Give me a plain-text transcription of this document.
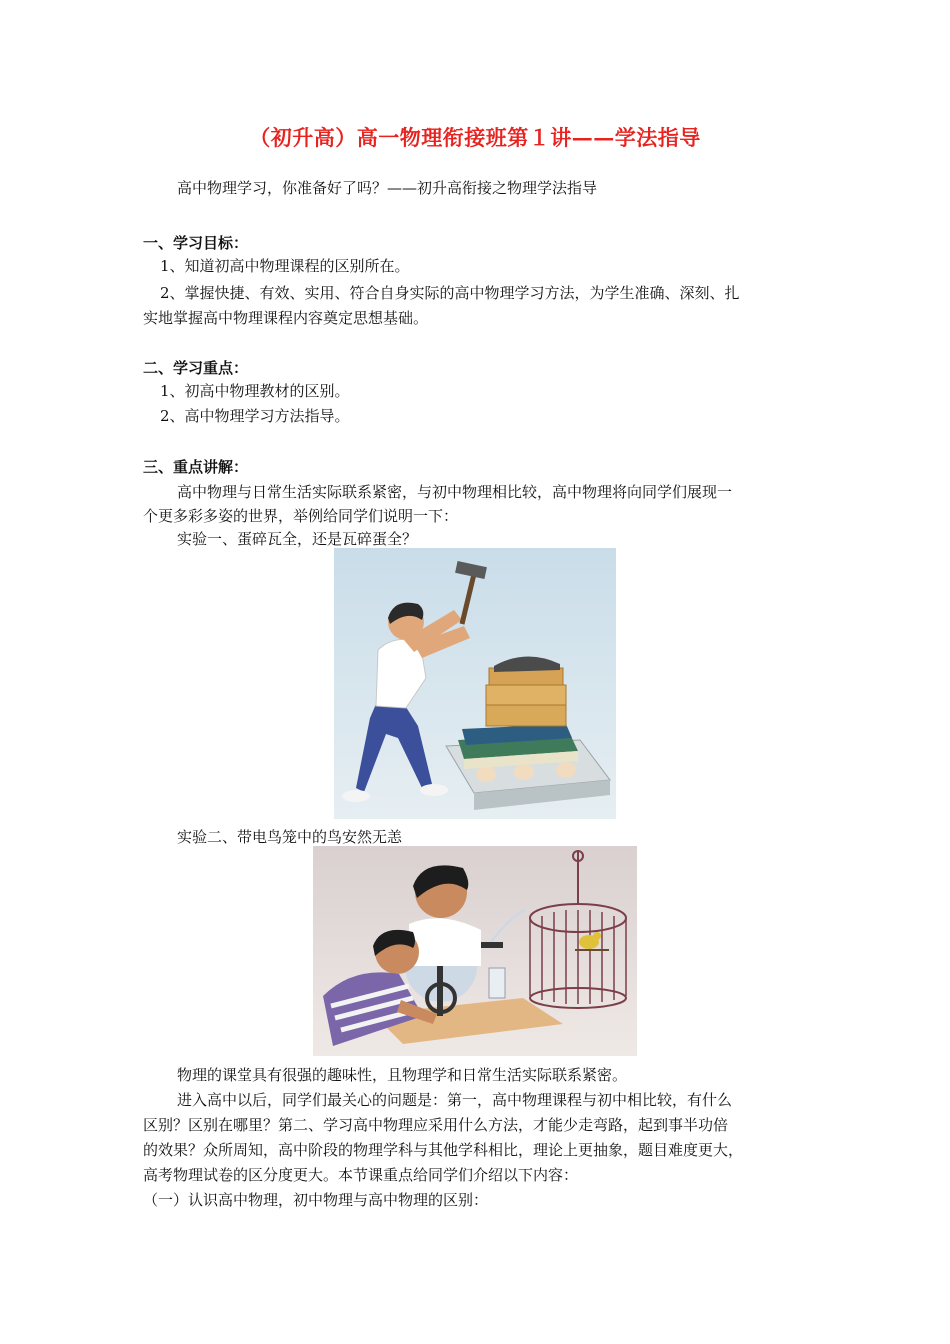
（初升高）高一物理衔接班第１讲——学法指导
高中物理学习，你准备好了吗？——初升高衔接之物理学法指导
一、学习目标：
1、知道初高中物理课程的区别所在。
2、掌握快捷、有效、实用、符合自身实际的高中物理学习方法，为学生准确、深刻、扎
实地掌握高中物理课程内容奠定思想基础。
二、学习重点：
1、初高中物理教材的区别。
2、高中物理学习方法指导。
三、重点讲解：
高中物理与日常生活实际联系紧密，与初中物理相比较，高中物理将向同学们展现一
个更多彩多姿的世界，举例给同学们说明一下：
实验一、蛋碎瓦全，还是瓦碎蛋全？
实验二、带电鸟笼中的鸟安然无恙
物理的课堂具有很强的趣味性，且物理学和日常生活实际联系紧密。
进入高中以后，同学们最关心的问题是：第一，高中物理课程与初中相比较，有什么
区别？区别在哪里？第二、学习高中物理应采用什么方法，才能少走弯路，起到事半功倍
的效果？众所周知，高中阶段的物理学科与其他学科相比，理论上更抽象，题目难度更大，
高考物理试卷的区分度更大。本节课重点给同学们介绍以下内容：
（一）认识高中物理，初中物理与高中物理的区别：
